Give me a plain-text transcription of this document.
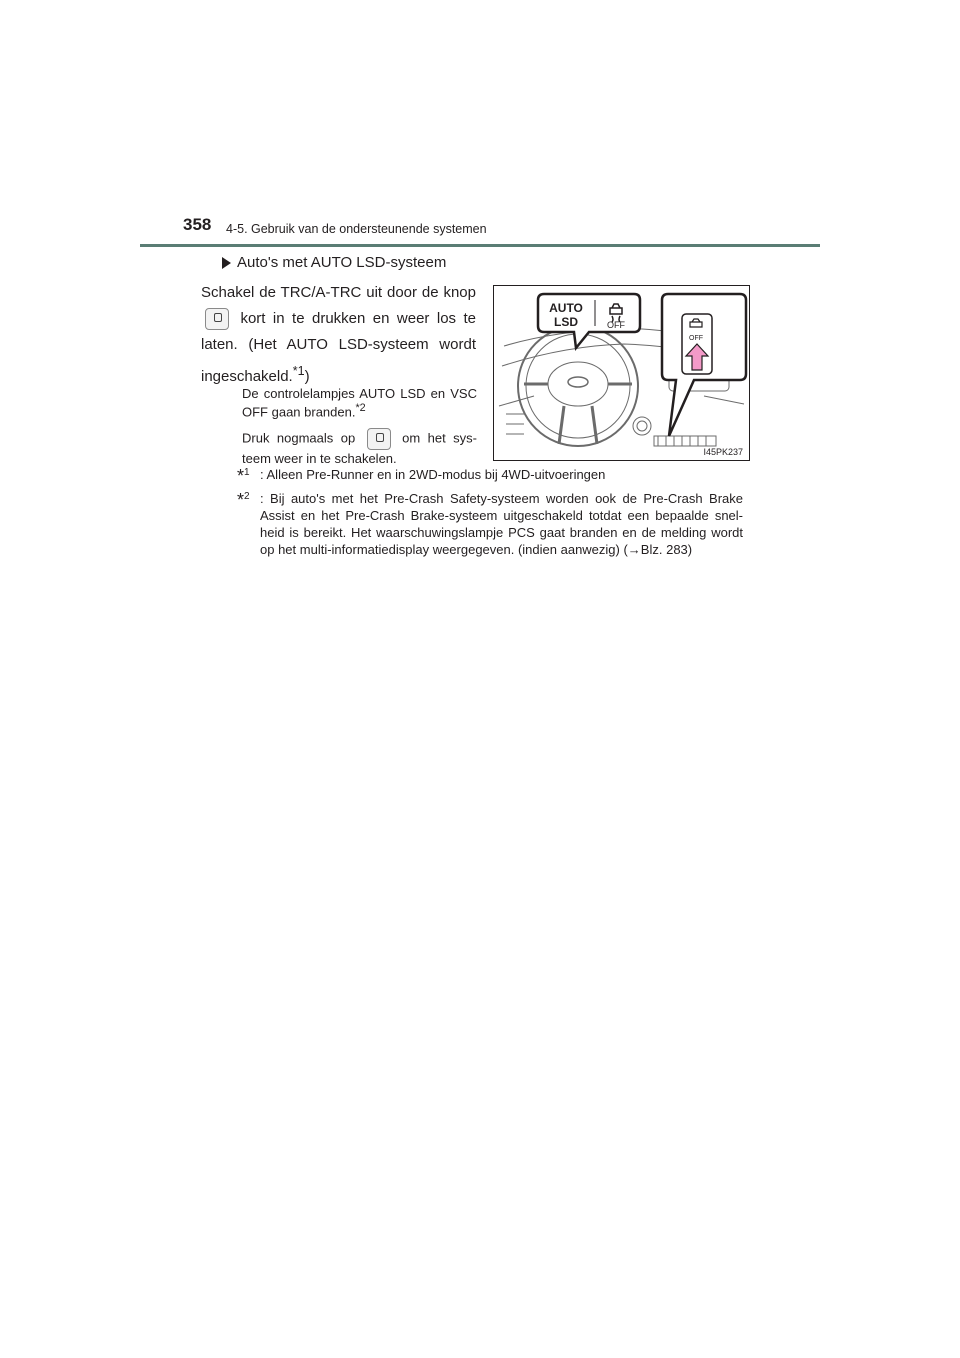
358 4-5. Gebruik van de ondersteunende systemen
Auto's met AUTO LSD-systeem
Schakel de TRC/A-TRC uit door de knop  kort in te drukken en weer los te laten. (Het AUTO LSD-systeem wordt ingeschakeld.$^{*1}$)
De controlelampjes AUTO LSD en VSC OFF gaan branden.$^{*2}$
Druk nogmaals op	om het sys- teem weer in te schakelen.
*$^1$ : Alleen Pre-Runner en in 2WD-modus bij 4WD-uitvoeringen
*$^2$ : Bij auto's met het Pre-Crash Safety-systeem worden ook de Pre-Crash Brake Assist en het Pre-Crash Brake-systeem uitgeschakeld totdat een bepaalde snel- heid is bereikt. Het waarschuwingslampje PCS gaat branden en de melding wordt op het multi-informatiedisplay weergegeven. (indien aanwezig) (→Blz. 283)
AUTO
LSD	OFF
OFF
I45PK237
